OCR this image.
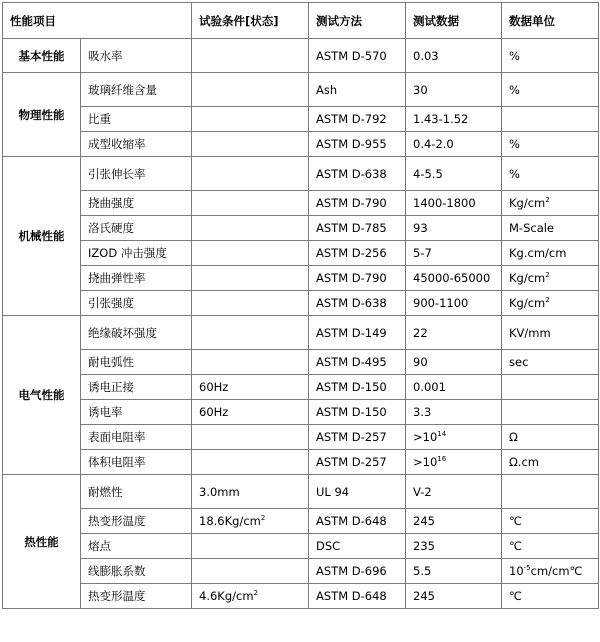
性能项目		试验条件[状态]	测试方法	测试数据	数据单位
基本性能	吸水率		ASTM D-570	0.03	%
物理性能	玻璃纤维含量		Ash	30	%
	比重		ASTM D-792	1.43-1.52	
	成型收缩率		ASTM D-955	0.4-2.0	%
机械性能	引张伸长率		ASTM D-638	4-5.5	%
	挠曲强度		ASTM D-790	1400-1800	$Kg/cm^2$
	洛氏硬度		ASTM D-785	93	M-Scale
	IZOD 冲击强度		ASTM D-256	5-7	Kg.cm/cm
	挠曲弹性率		ASTM D-790	45000-65000	$Kg/cm^2$
	引张强度		ASTM D-638	900-1100	$Kg/cm^2$
电气性能	绝缘破坏强度		ASTM D-149	22	KV/mm
	耐电弧性		ASTM D-495	90	sec
	诱电正接	60Hz	ASTM D-150	0.001	
	诱电率	60Hz	ASTM D-150	3.3	
	表面电阻率		ASTM D-257	$>10^{14}$	Ω
	体积电阻率		ASTM D-257	$>10^{16}$	Ω.cm
热性能	耐燃性	3.0mm	UL 94	V-2	
	热变形温度	$18.6Kg/cm^2$	ASTM D-648	245	℃
	熔点		DSC	235	℃
	线膨胀系数		ASTM D-696	5.5	$10^{-5}cm/cm℃$
	热变形温度	$4.6Kg/cm^2$	ASTM D-648	245	℃
